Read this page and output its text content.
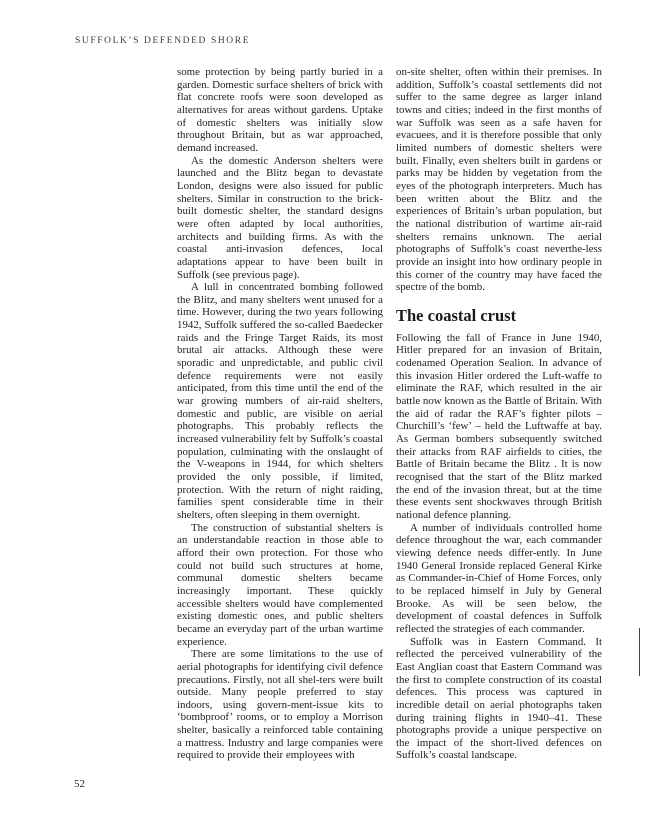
SUFFOLK’S DEFENDED SHORE

some protection by being partly buried in a garden. Domestic surface shelters of brick with flat concrete roofs were soon developed as alternatives for areas without gardens. Uptake of domestic shelters was initially slow throughout Britain, but as war approached, demand increased.

As the domestic Anderson shelters were launched and the Blitz began to devastate London, designs were also issued for public shelters. Similar in construction to the brick-built domestic shelter, the standard designs were often adapted by local authorities, architects and building firms. As with the coastal anti-invasion defences, local adaptations appear to have been built in Suffolk (see previous page).

A lull in concentrated bombing followed the Blitz, and many shelters went unused for a time. However, during the two years following 1942, Suffolk suffered the so-called Baedecker raids and the Fringe Target Raids, its most brutal air attacks. Although these were sporadic and unpredictable, and public civil defence requirements were not easily anticipated, from this time until the end of the war growing numbers of air-raid shelters, domestic and public, are visible on aerial photographs. This probably reflects the increased vulnerability felt by Suffolk’s coastal population, culminating with the onslaught of the V-weapons in 1944, for which shelters provided the only possible, if limited, protection. With the return of night raiding, families spent considerable time in their shelters, often sleeping in them overnight.

The construction of substantial shelters is an understandable reaction in those able to afford their own protection. For those who could not build such structures at home, communal domestic shelters became increasingly important. These quickly accessible shelters would have complemented existing domestic ones, and public shelters became an everyday part of the urban wartime experience.

There are some limitations to the use of aerial photographs for identifying civil defence precautions. Firstly, not all shel-ters were built outside. Many people preferred to stay indoors, using govern-ment-issue kits to ‘bombproof’ rooms, or to employ a Morrison shelter, basically a reinforced table containing a mattress. Industry and large companies were required to provide their employees with

on-site shelter, often within their premises. In addition, Suffolk’s coastal settlements did not suffer to the same degree as larger inland towns and cities; indeed in the first months of war Suffolk was seen as a safe haven for evacuees, and it is therefore possible that only limited numbers of domestic shelters were built. Finally, even shelters built in gardens or parks may be hidden by vegetation from the eyes of the photograph interpreters. Much has been written about the Blitz and the experiences of Britain’s urban population, but the national distribution of wartime air-raid shelters remains unknown. The aerial photographs of Suffolk’s coast neverthe-less provide an insight into how ordinary people in this corner of the country may have faced the spectre of the bomb.

The coastal crust

Following the fall of France in June 1940, Hitler prepared for an invasion of Britain, codenamed Operation Sealion. In advance of this invasion Hitler ordered the Luft-waffe to eliminate the RAF, which resulted in the air battle now known as the Battle of Britain. With the aid of radar the RAF’s fighter pilots – Churchill’s ‘few’ – held the Luftwaffe at bay. As German bombers subsequently switched their attacks from RAF airfields to cities, the Battle of Britain became the Blitz . It is now recognised that the start of the Blitz marked the end of the invasion threat, but at the time these events sent shockwaves through British national defence planning.

A number of individuals controlled home defence throughout the war, each commander viewing defence needs differ-ently. In June 1940 General Ironside replaced General Kirke as Commander-in-Chief of Home Forces, only to be replaced himself in July by General Brooke. As will be seen below, the development of coastal defences in Suffolk reflected the strategies of each commander.

Suffolk was in Eastern Command. It reflected the perceived vulnerability of the East Anglian coast that Eastern Command was the first to complete construction of its coastal defences. This process was captured in incredible detail on aerial photographs taken during training flights in 1940–41. These photographs provide a unique perspective on the impact of the short-lived defences on Suffolk’s coastal landscape.

52
